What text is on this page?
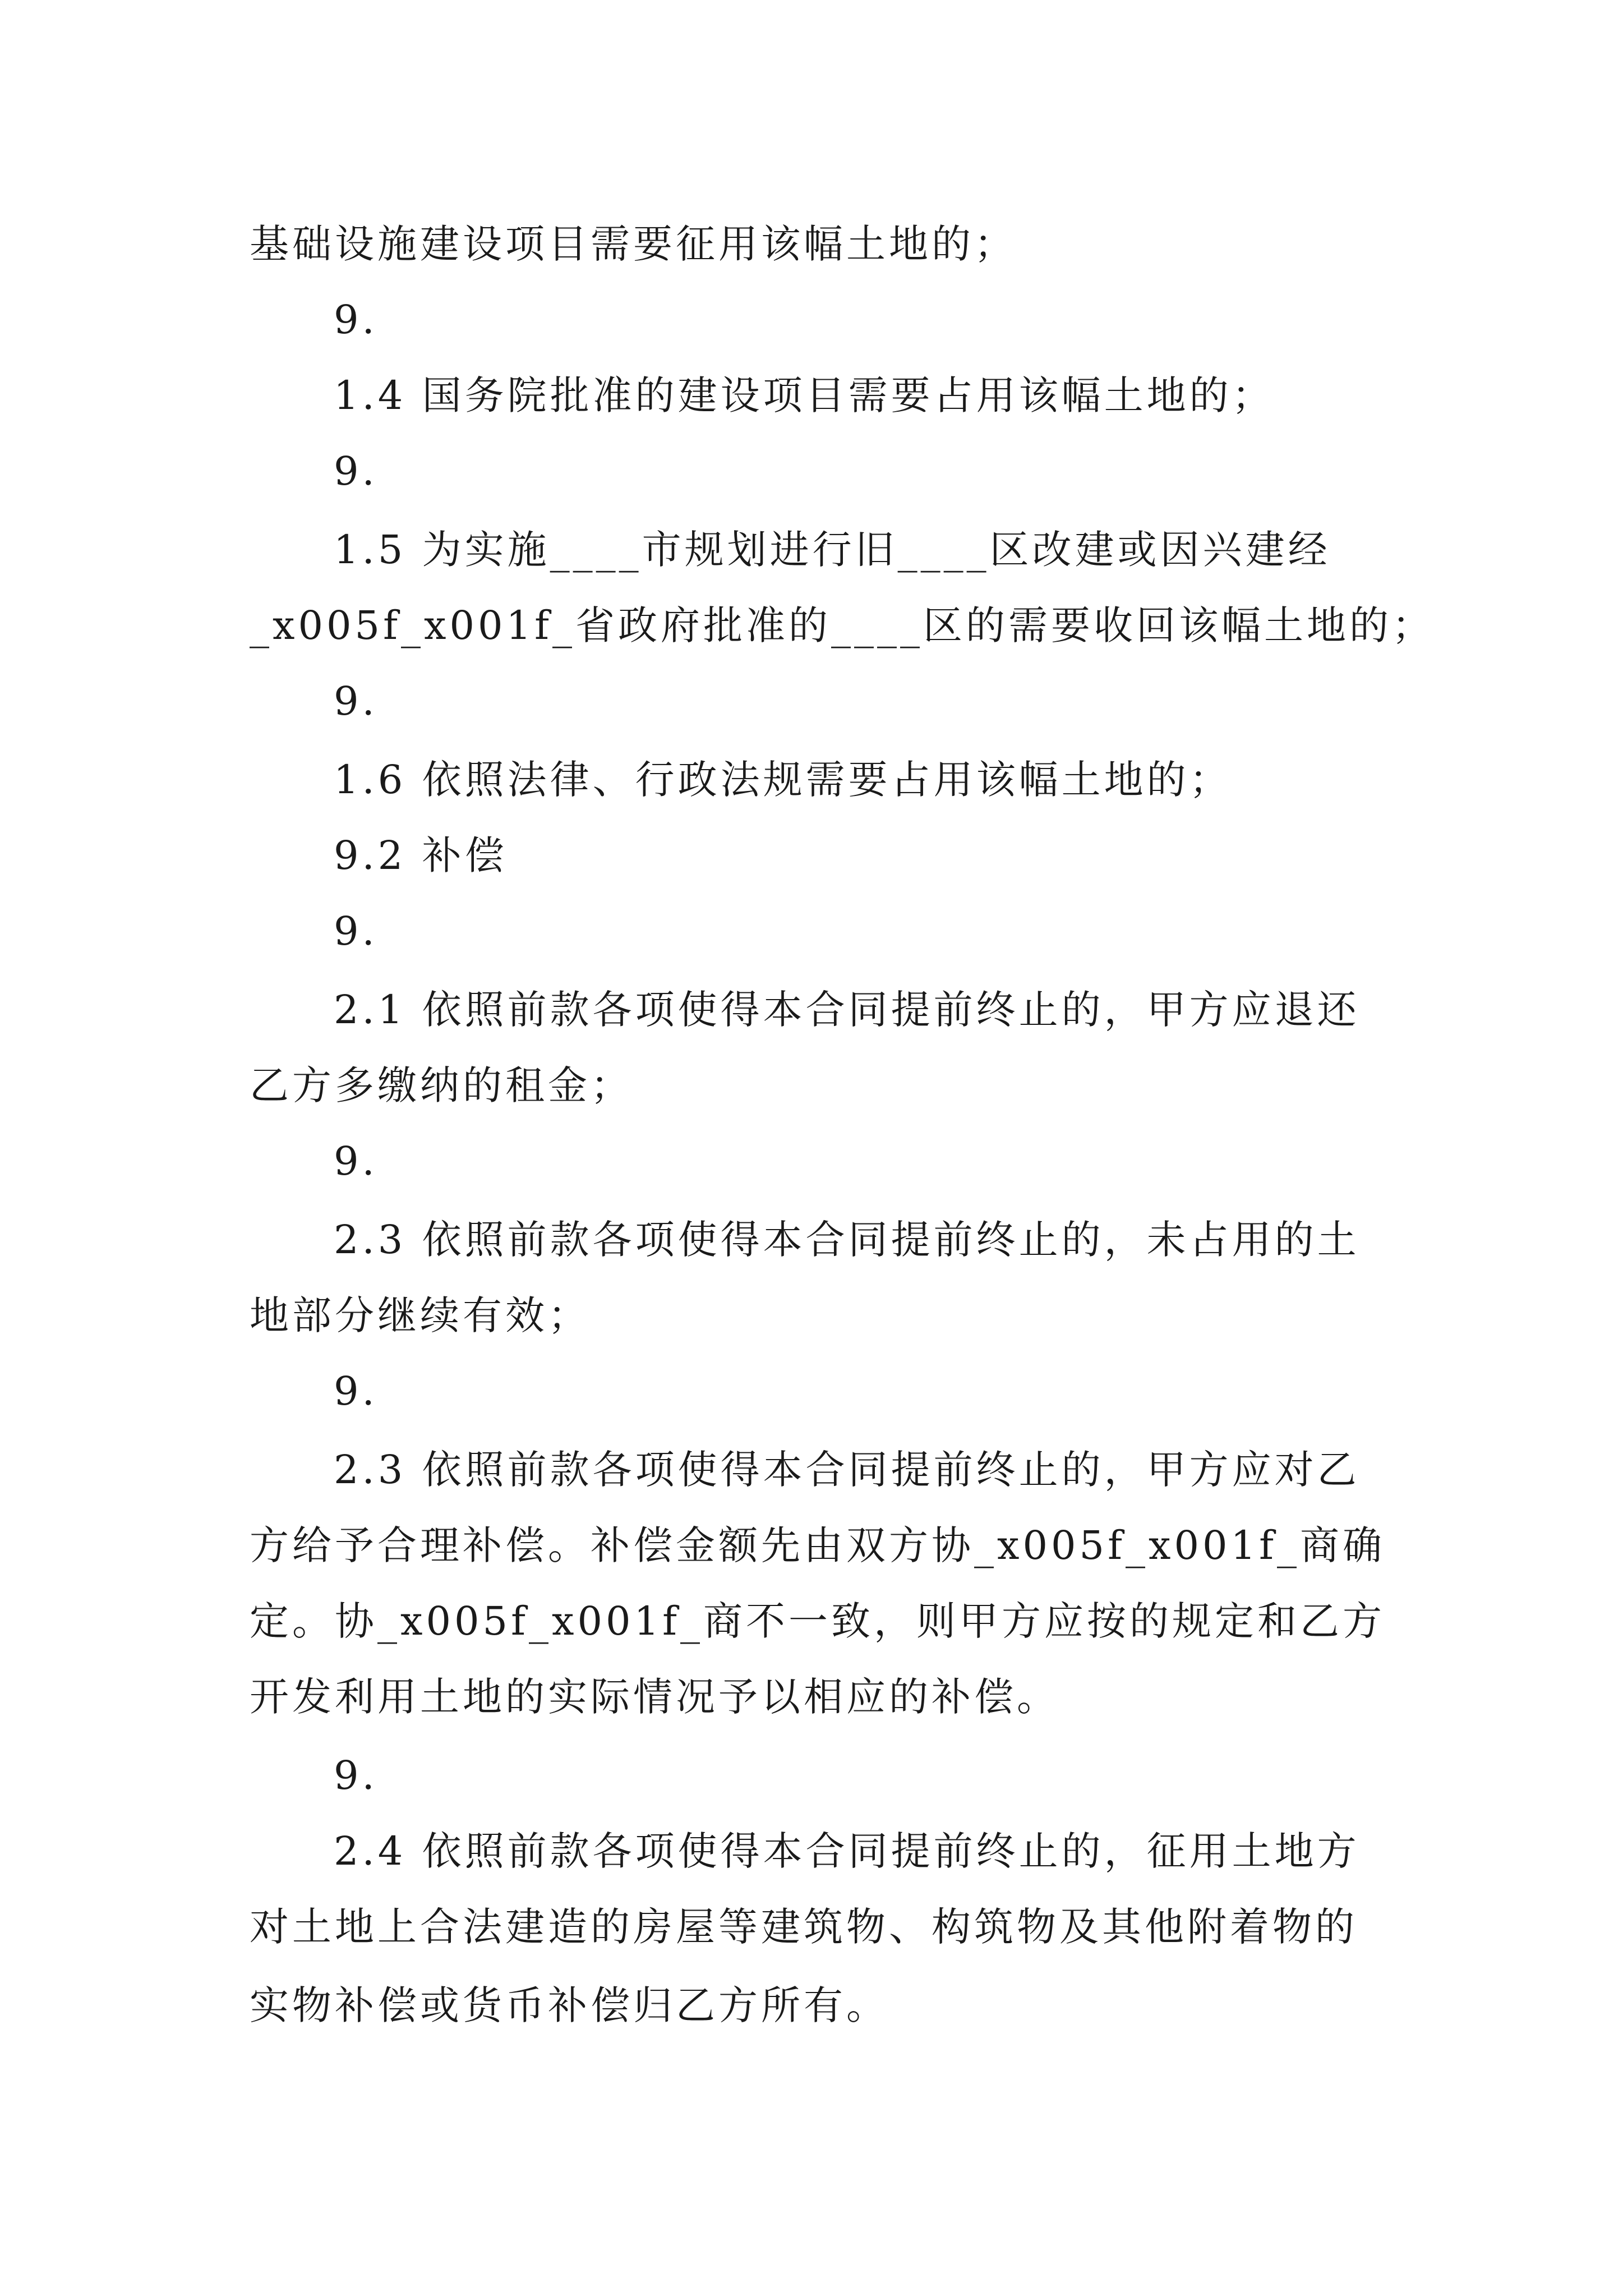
基础设施建设项目需要征用该幅土地的；
9.
1.4 国务院批准的建设项目需要占用该幅土地的；
9.
1.5 为实施____市规划进行旧____区改建或因兴建经
_x005f_x001f_省政府批准的____区的需要收回该幅土地的；
9.
1.6 依照法律、行政法规需要占用该幅土地的；
9.2 补偿
9.
2.1 依照前款各项使得本合同提前终止的，甲方应退还
乙方多缴纳的租金；
9.
2.3 依照前款各项使得本合同提前终止的，未占用的土
地部分继续有效；
9.
2.3 依照前款各项使得本合同提前终止的，甲方应对乙
方给予合理补偿。补偿金额先由双方协_x005f_x001f_商确
定。协_x005f_x001f_商不一致，则甲方应按的规定和乙方
开发利用土地的实际情况予以相应的补偿。
9.
2.4 依照前款各项使得本合同提前终止的，征用土地方
对土地上合法建造的房屋等建筑物、构筑物及其他附着物的
实物补偿或货币补偿归乙方所有。
